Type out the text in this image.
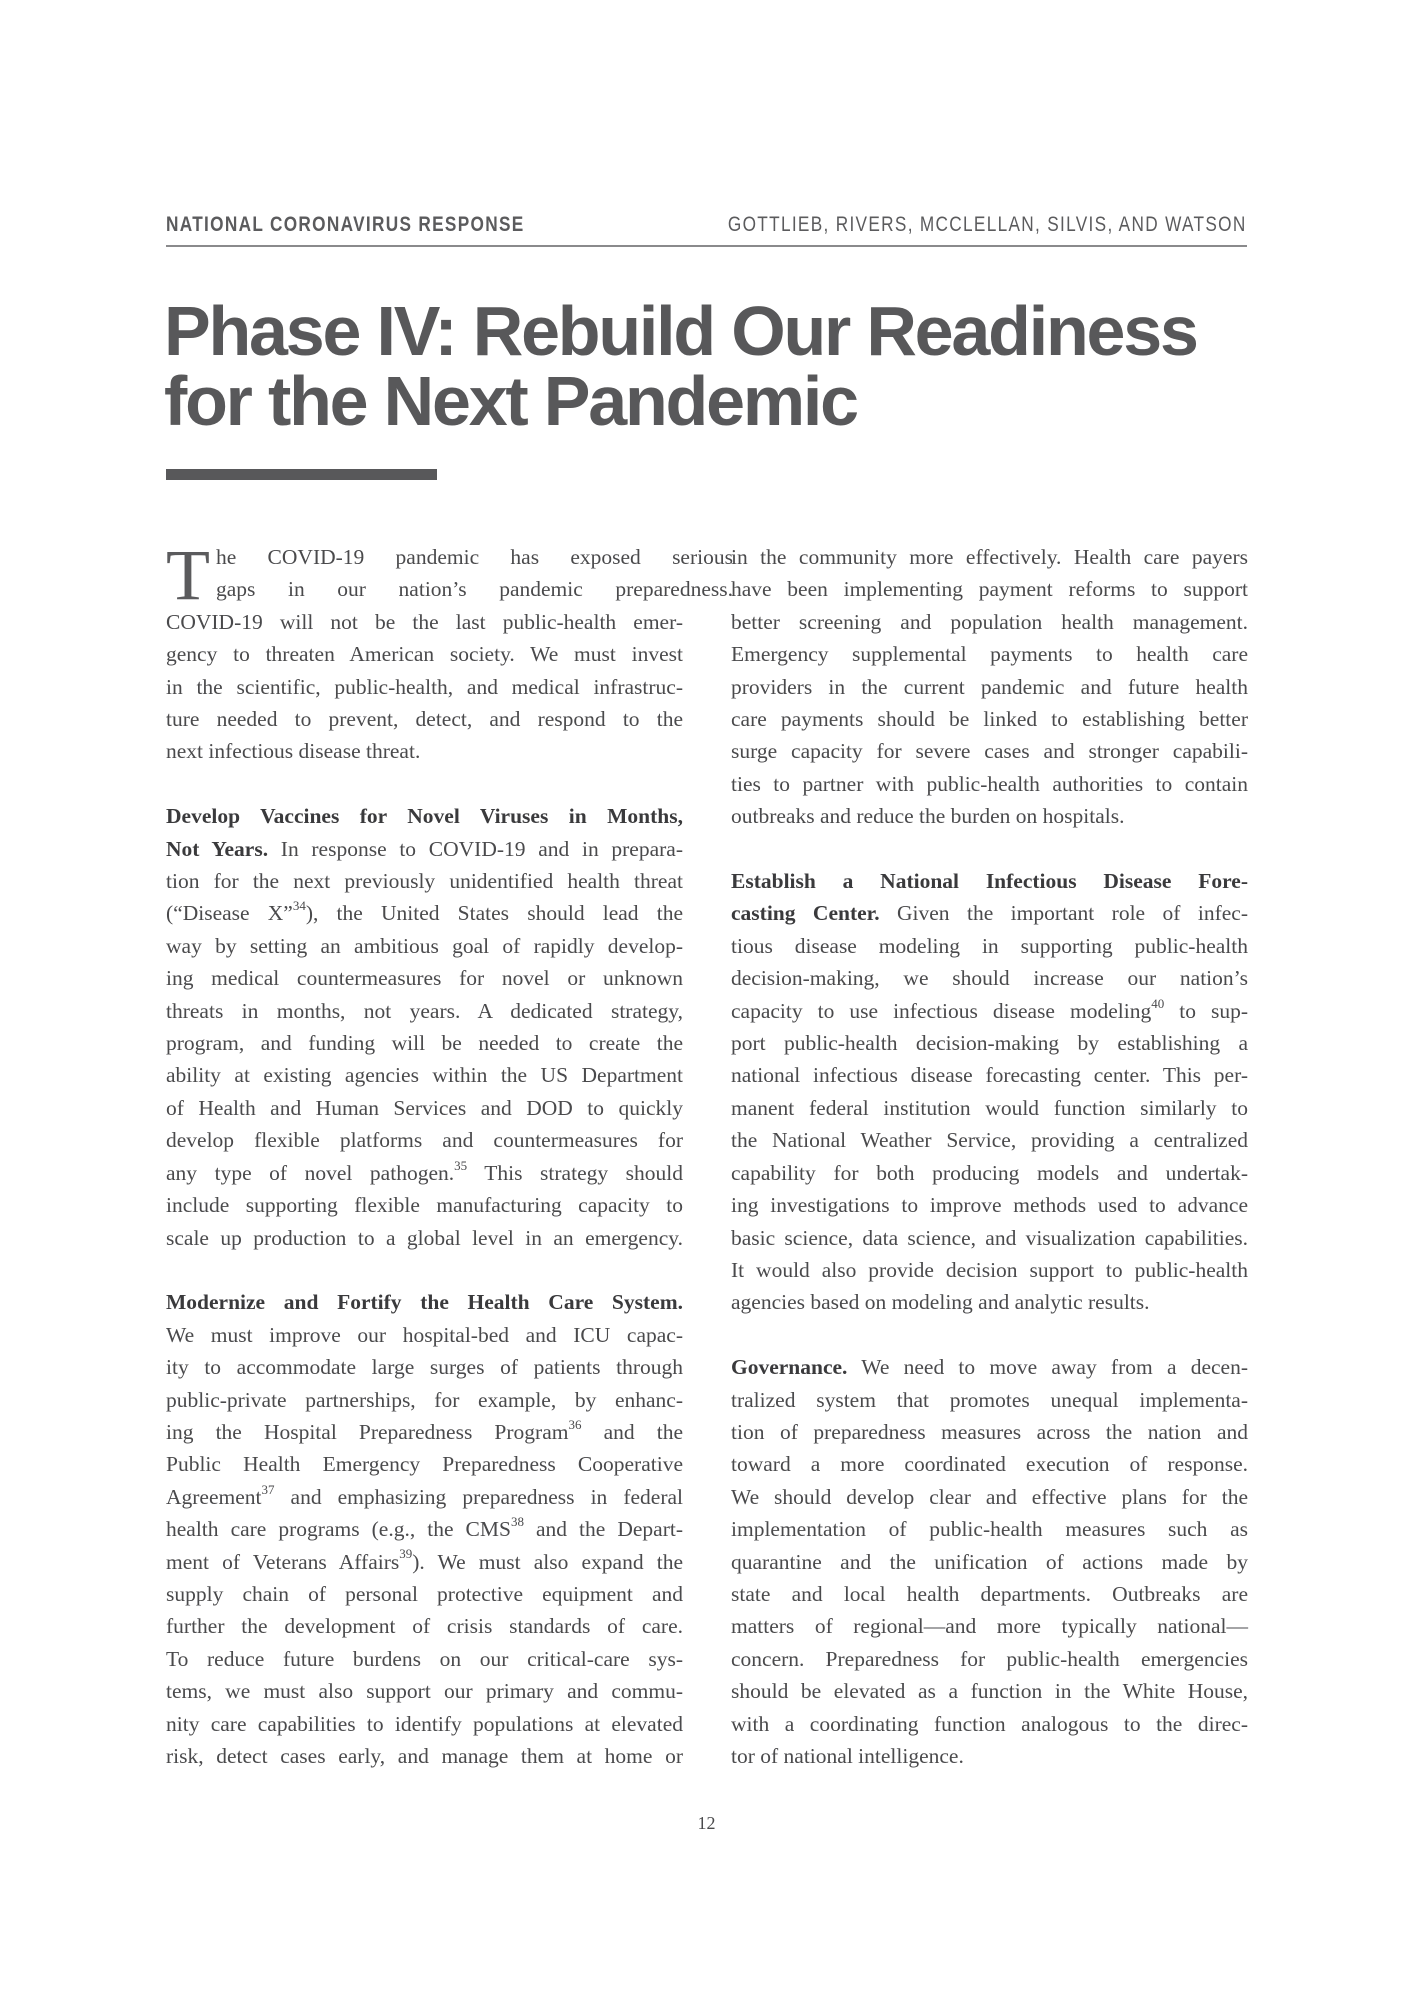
NATIONAL CORONAVIRUS RESPONSE	GOTTLIEB, RIVERS, MCCLELLAN, SILVIS, AND WATSON
Phase IV: Rebuild Our Readiness
for the Next Pandemic

T he COVID-19 pandemic has exposed serious
gaps in our nation’s pandemic preparedness.
COVID-19 will not be the last public-health emer-
gency to threaten American society. We must invest
in the scientific, public-health, and medical infrastruc-
ture needed to prevent, detect, and respond to the
next infectious disease threat.

Develop Vaccines for Novel Viruses in Months,
Not Years. In response to COVID-19 and in prepara-
tion for the next previously unidentified health threat
(“Disease X”$^{34}$), the United States should lead the
way by setting an ambitious goal of rapidly develop-
ing medical countermeasures for novel or unknown
threats in months, not years. A dedicated strategy,
program, and funding will be needed to create the
ability at existing agencies within the US Department
of Health and Human Services and DOD to quickly
develop flexible platforms and countermeasures for
any type of novel pathogen.$^{35}$ This strategy should
include supporting flexible manufacturing capacity to
scale up production to a global level in an emergency.

Modernize and Fortify the Health Care System.
We must improve our hospital-bed and ICU capac-
ity to accommodate large surges of patients through
public-private partnerships, for example, by enhanc-
ing the Hospital Preparedness Program$^{36}$ and the
Public Health Emergency Preparedness Cooperative
Agreement$^{37}$ and emphasizing preparedness in federal
health care programs (e.g., the CMS$^{38}$ and the Depart-
ment of Veterans Affairs$^{39}$). We must also expand the
supply chain of personal protective equipment and
further the development of crisis standards of care.
To reduce future burdens on our critical-care sys-
tems, we must also support our primary and commu-
nity care capabilities to identify populations at elevated
risk, detect cases early, and manage them at home or

in the community more effectively. Health care payers
have been implementing payment reforms to support
better screening and population health management.
Emergency supplemental payments to health care
providers in the current pandemic and future health
care payments should be linked to establishing better
surge capacity for severe cases and stronger capabili-
ties to partner with public-health authorities to contain
outbreaks and reduce the burden on hospitals.

Establish a National Infectious Disease Fore-
casting Center. Given the important role of infec-
tious disease modeling in supporting public-health
decision-making, we should increase our nation’s
capacity to use infectious disease modeling$^{40}$ to sup-
port public-health decision-making by establishing a
national infectious disease forecasting center. This per-
manent federal institution would function similarly to
the National Weather Service, providing a centralized
capability for both producing models and undertak-
ing investigations to improve methods used to advance
basic science, data science, and visualization capabilities.
It would also provide decision support to public-health
agencies based on modeling and analytic results.

Governance. We need to move away from a decen-
tralized system that promotes unequal implementa-
tion of preparedness measures across the nation and
toward a more coordinated execution of response.
We should develop clear and effective plans for the
implementation of public-health measures such as
quarantine and the unification of actions made by
state and local health departments. Outbreaks are
matters of regional—and more typically national—
concern. Preparedness for public-health emergencies
should be elevated as a function in the White House,
with a coordinating function analogous to the direc-
tor of national intelligence.

12
